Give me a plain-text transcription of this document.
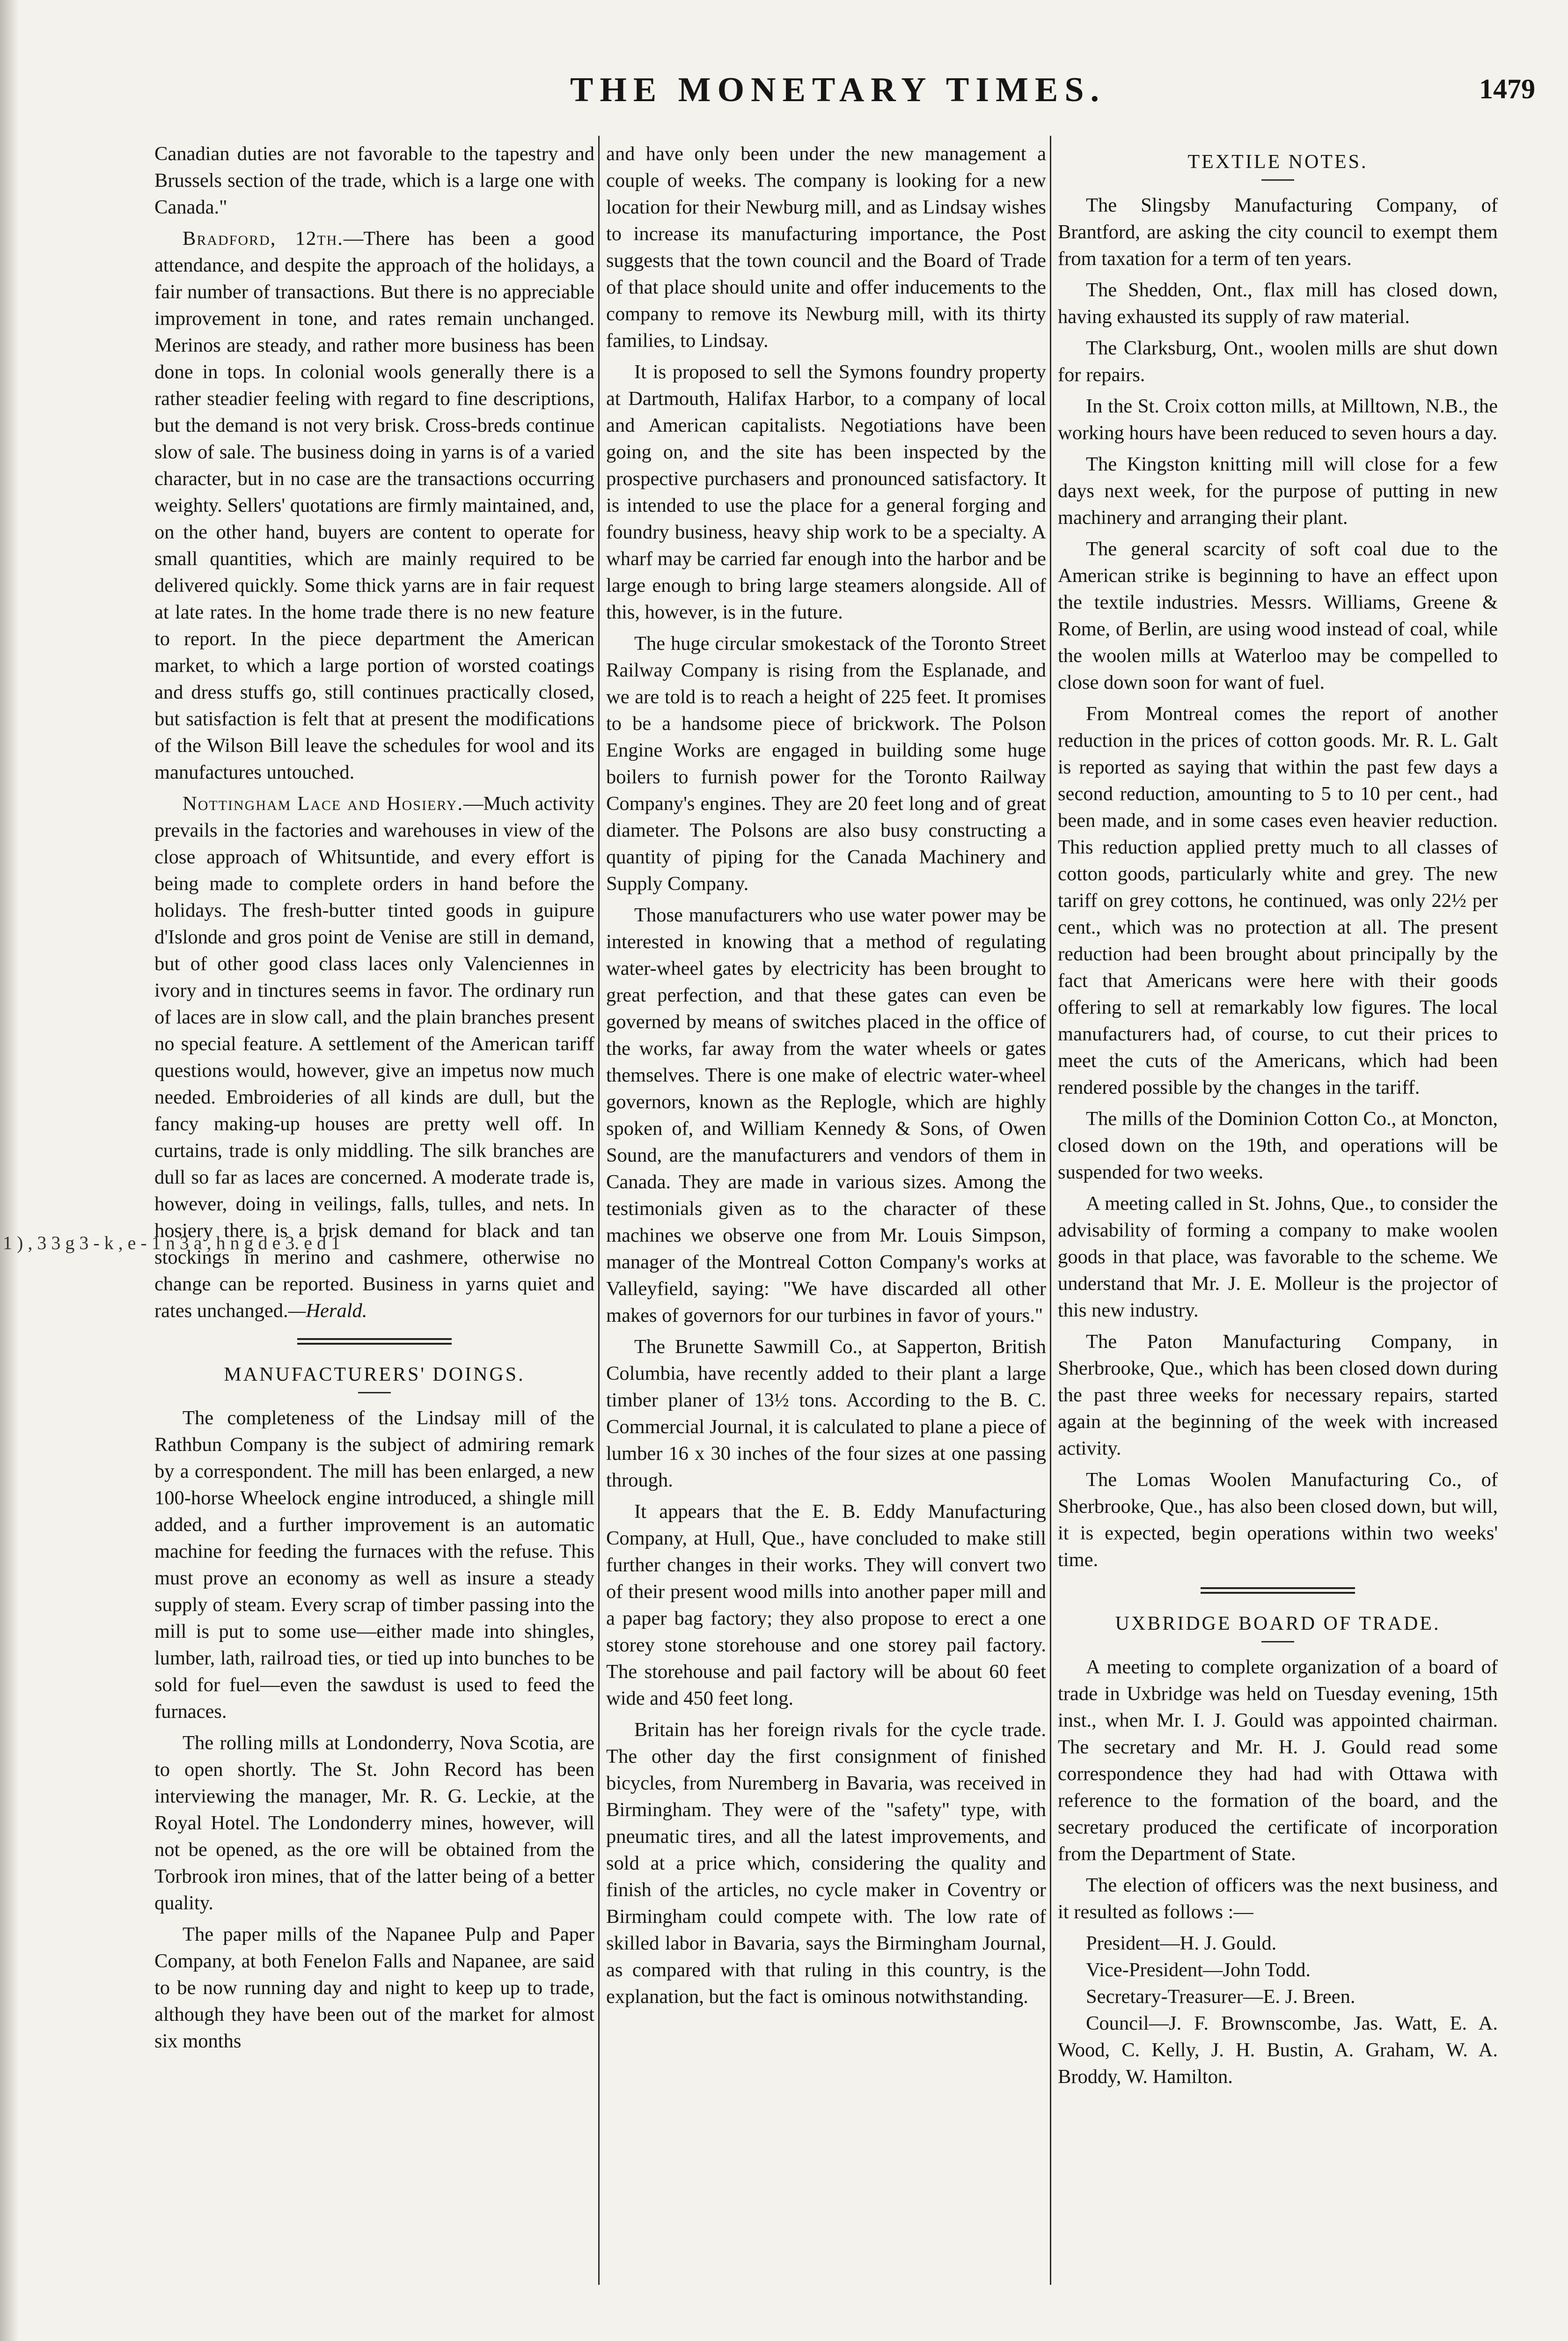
1 ) , 3 3 g 3 - k , e - 1 n 3 a , h n g d e 3. e d 1
THE MONETARY TIMES.	1479

Canadian duties are not favorable to the tapestry and Brussels section of the trade, which is a large one with Canada."

Bradford, 12th.—There has been a good attendance, and despite the approach of the holidays, a fair number of transactions. But there is no appreciable improvement in tone, and rates remain unchanged. Merinos are steady, and rather more business has been done in tops. In colonial wools generally there is a rather steadier feeling with regard to fine descriptions, but the demand is not very brisk. Cross-breds continue slow of sale. The business doing in yarns is of a varied character, but in no case are the transactions occurring weighty. Sellers' quotations are firmly maintained, and, on the other hand, buyers are content to operate for small quantities, which are mainly required to be delivered quickly. Some thick yarns are in fair request at late rates. In the home trade there is no new feature to report. In the piece department the American market, to which a large portion of worsted coatings and dress stuffs go, still continues practically closed, but satisfaction is felt that at present the modifications of the Wilson Bill leave the schedules for wool and its manufactures untouched.

Nottingham Lace and Hosiery.—Much activity prevails in the factories and warehouses in view of the close approach of Whitsuntide, and every effort is being made to complete orders in hand before the holidays. The fresh-butter tinted goods in guipure d'Islonde and gros point de Venise are still in demand, but of other good class laces only Valenciennes in ivory and in tinctures seems in favor. The ordinary run of laces are in slow call, and the plain branches present no special feature. A settlement of the American tariff questions would, however, give an impetus now much needed. Embroideries of all kinds are dull, but the fancy making-up houses are pretty well off. In curtains, trade is only middling. The silk branches are dull so far as laces are concerned. A moderate trade is, however, doing in veilings, falls, tulles, and nets. In hosiery there is a brisk demand for black and tan stockings in merino and cashmere, otherwise no change can be reported. Business in yarns quiet and rates unchanged.—Herald.

MANUFACTURERS' DOINGS.

The completeness of the Lindsay mill of the Rathbun Company is the subject of admiring remark by a correspondent. The mill has been enlarged, a new 100-horse Wheelock engine introduced, a shingle mill added, and a further improvement is an automatic machine for feeding the furnaces with the refuse. This must prove an economy as well as insure a steady supply of steam. Every scrap of timber passing into the mill is put to some use—either made into shingles, lumber, lath, railroad ties, or tied up into bunches to be sold for fuel—even the sawdust is used to feed the furnaces.

The rolling mills at Londonderry, Nova Scotia, are to open shortly. The St. John Record has been interviewing the manager, Mr. R. G. Leckie, at the Royal Hotel. The Londonderry mines, however, will not be opened, as the ore will be obtained from the Torbrook iron mines, that of the latter being of a better quality.

The paper mills of the Napanee Pulp and Paper Company, at both Fenelon Falls and Napanee, are said to be now running day and night to keep up to trade, although they have been out of the market for almost six months

and have only been under the new management a couple of weeks. The company is looking for a new location for their Newburg mill, and as Lindsay wishes to increase its manufacturing importance, the Post suggests that the town council and the Board of Trade of that place should unite and offer inducements to the company to remove its Newburg mill, with its thirty families, to Lindsay.

It is proposed to sell the Symons foundry property at Dartmouth, Halifax Harbor, to a company of local and American capitalists. Negotiations have been going on, and the site has been inspected by the prospective purchasers and pronounced satisfactory. It is intended to use the place for a general forging and foundry business, heavy ship work to be a specialty. A wharf may be carried far enough into the harbor and be large enough to bring large steamers alongside. All of this, however, is in the future.

The huge circular smokestack of the Toronto Street Railway Company is rising from the Esplanade, and we are told is to reach a height of 225 feet. It promises to be a handsome piece of brickwork. The Polson Engine Works are engaged in building some huge boilers to furnish power for the Toronto Railway Company's engines. They are 20 feet long and of great diameter. The Polsons are also busy constructing a quantity of piping for the Canada Machinery and Supply Company.

Those manufacturers who use water power may be interested in knowing that a method of regulating water-wheel gates by electricity has been brought to great perfection, and that these gates can even be governed by means of switches placed in the office of the works, far away from the water wheels or gates themselves. There is one make of electric water-wheel governors, known as the Replogle, which are highly spoken of, and William Kennedy & Sons, of Owen Sound, are the manufacturers and vendors of them in Canada. They are made in various sizes. Among the testimonials given as to the character of these machines we observe one from Mr. Louis Simpson, manager of the Montreal Cotton Company's works at Valleyfield, saying: "We have discarded all other makes of governors for our turbines in favor of yours."

The Brunette Sawmill Co., at Sapperton, British Columbia, have recently added to their plant a large timber planer of 13½ tons. According to the B. C. Commercial Journal, it is calculated to plane a piece of lumber 16 x 30 inches of the four sizes at one passing through.

It appears that the E. B. Eddy Manufacturing Company, at Hull, Que., have concluded to make still further changes in their works. They will convert two of their present wood mills into another paper mill and a paper bag factory; they also propose to erect a one storey stone storehouse and one storey pail factory. The storehouse and pail factory will be about 60 feet wide and 450 feet long.

Britain has her foreign rivals for the cycle trade. The other day the first consignment of finished bicycles, from Nuremberg in Bavaria, was received in Birmingham. They were of the "safety" type, with pneumatic tires, and all the latest improvements, and sold at a price which, considering the quality and finish of the articles, no cycle maker in Coventry or Birmingham could compete with. The low rate of skilled labor in Bavaria, says the Birmingham Journal, as compared with that ruling in this country, is the explanation, but the fact is ominous notwithstanding.

TEXTILE NOTES.

The Slingsby Manufacturing Company, of Brantford, are asking the city council to exempt them from taxation for a term of ten years.

The Shedden, Ont., flax mill has closed down, having exhausted its supply of raw material.

The Clarksburg, Ont., woolen mills are shut down for repairs.

In the St. Croix cotton mills, at Milltown, N.B., the working hours have been reduced to seven hours a day.

The Kingston knitting mill will close for a few days next week, for the purpose of putting in new machinery and arranging their plant.

The general scarcity of soft coal due to the American strike is beginning to have an effect upon the textile industries. Messrs. Williams, Greene & Rome, of Berlin, are using wood instead of coal, while the woolen mills at Waterloo may be compelled to close down soon for want of fuel.

From Montreal comes the report of another reduction in the prices of cotton goods. Mr. R. L. Galt is reported as saying that within the past few days a second reduction, amounting to 5 to 10 per cent., had been made, and in some cases even heavier reduction. This reduction applied pretty much to all classes of cotton goods, particularly white and grey. The new tariff on grey cottons, he continued, was only 22½ per cent., which was no protection at all. The present reduction had been brought about principally by the fact that Americans were here with their goods offering to sell at remarkably low figures. The local manufacturers had, of course, to cut their prices to meet the cuts of the Americans, which had been rendered possible by the changes in the tariff.

The mills of the Dominion Cotton Co., at Moncton, closed down on the 19th, and operations will be suspended for two weeks.

A meeting called in St. Johns, Que., to consider the advisability of forming a company to make woolen goods in that place, was favorable to the scheme. We understand that Mr. J. E. Molleur is the projector of this new industry.

The Paton Manufacturing Company, in Sherbrooke, Que., which has been closed down during the past three weeks for necessary repairs, started again at the beginning of the week with increased activity.

The Lomas Woolen Manufacturing Co., of Sherbrooke, Que., has also been closed down, but will, it is expected, begin operations within two weeks' time.

UXBRIDGE BOARD OF TRADE.

A meeting to complete organization of a board of trade in Uxbridge was held on Tuesday evening, 15th inst., when Mr. I. J. Gould was appointed chairman. The secretary and Mr. H. J. Gould read some correspondence they had had with Ottawa with reference to the formation of the board, and the secretary produced the certificate of incorporation from the Department of State.

The election of officers was the next business, and it resulted as follows :—

President—H. J. Gould.

Vice-President—John Todd.

Secretary-Treasurer—E. J. Breen.

Council—J. F. Brownscombe, Jas. Watt, E. A. Wood, C. Kelly, J. H. Bustin, A. Graham, W. A. Broddy, W. Hamilton.
